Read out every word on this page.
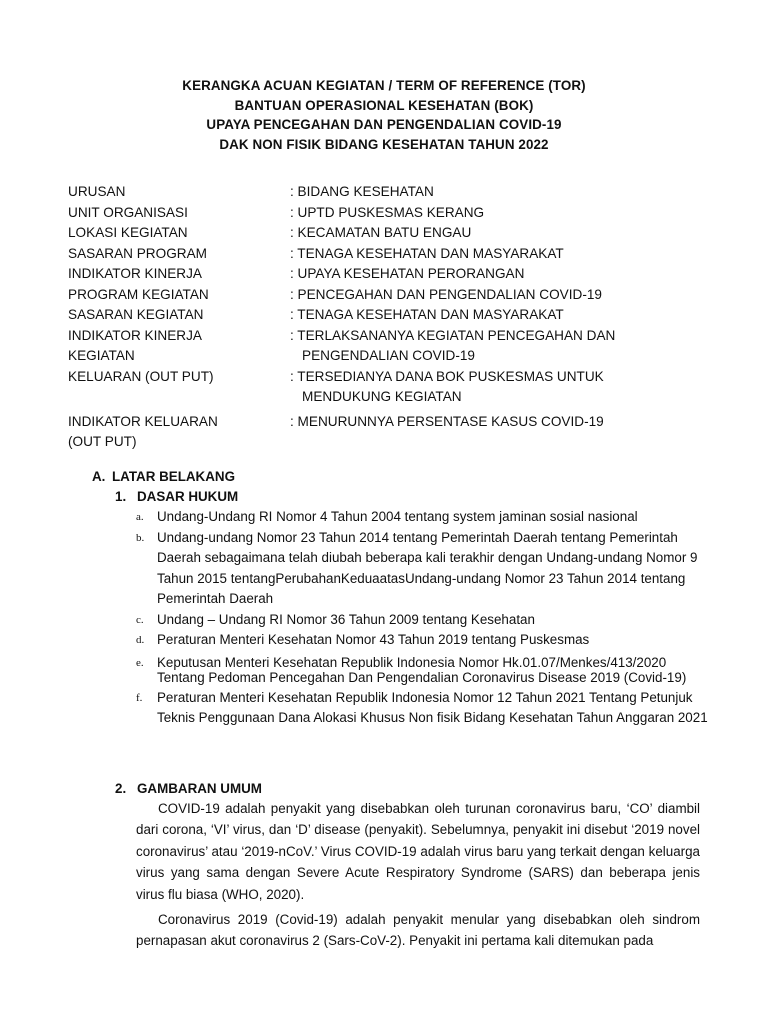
KERANGKA ACUAN KEGIATAN / TERM OF REFERENCE (TOR)
BANTUAN OPERASIONAL KESEHATAN (BOK)
UPAYA PENCEGAHAN DAN PENGENDALIAN COVID-19
DAK NON FISIK BIDANG KESEHATAN TAHUN 2022
URUSAN	: BIDANG KESEHATAN
UNIT ORGANISASI	: UPTD PUSKESMAS KERANG
LOKASI KEGIATAN	: KECAMATAN BATU ENGAU
SASARAN PROGRAM	: TENAGA KESEHATAN DAN MASYARAKAT
INDIKATOR KINERJA	: UPAYA KESEHATAN PERORANGAN
PROGRAM KEGIATAN	: PENCEGAHAN DAN PENGENDALIAN COVID-19
SASARAN KEGIATAN	: TENAGA KESEHATAN DAN MASYARAKAT
INDIKATOR KINERJA	: TERLAKSANANYA KEGIATAN PENCEGAHAN DAN
KEGIATAN	PENGENDALIAN COVID-19
KELUARAN (OUT PUT)	: TERSEDIANYA DANA BOK PUSKESMAS UNTUK
MENDUKUNG KEGIATAN
INDIKATOR KELUARAN	: MENURUNNYA PERSENTASE KASUS COVID-19
(OUT PUT)
A. LATAR BELAKANG
1. DASAR HUKUM
a. Undang-Undang RI Nomor 4 Tahun 2004 tentang system jaminan sosial nasional
b. Undang-undang Nomor 23 Tahun 2014 tentang Pemerintah Daerah tentang Pemerintah Daerah sebagaimana telah diubah beberapa kali terakhir dengan Undang-undang Nomor 9 Tahun 2015 tentangPerubahanKeduaatasUndang-undang Nomor 23 Tahun 2014 tentang Pemerintah Daerah
c. Undang – Undang RI Nomor 36 Tahun 2009 tentang Kesehatan
d. Peraturan Menteri Kesehatan Nomor 43 Tahun 2019 tentang Puskesmas
e. Keputusan Menteri Kesehatan Republik Indonesia Nomor Hk.01.07/Menkes/413/2020 Tentang Pedoman Pencegahan Dan Pengendalian Coronavirus Disease 2019 (Covid-19)
f.	Peraturan Menteri Kesehatan Republik Indonesia Nomor 12 Tahun 2021 Tentang Petunjuk Teknis Penggunaan Dana Alokasi Khusus Non fisik Bidang Kesehatan Tahun Anggaran 2021
2. GAMBARAN UMUM
COVID-19 adalah penyakit yang disebabkan oleh turunan coronavirus baru, ‘CO’ diambil dari corona, ‘VI’ virus, dan ‘D’ disease (penyakit). Sebelumnya, penyakit ini disebut ‘2019 novel coronavirus’ atau ‘2019-nCoV.’ Virus COVID-19 adalah virus baru yang terkait dengan keluarga virus yang sama dengan Severe Acute Respiratory Syndrome (SARS) dan beberapa jenis virus flu biasa (WHO, 2020).
Coronavirus 2019 (Covid-19) adalah penyakit menular yang disebabkan oleh sindrom pernapasan akut coronavirus 2 (Sars-CoV-2). Penyakit ini pertama kali ditemukan pada
